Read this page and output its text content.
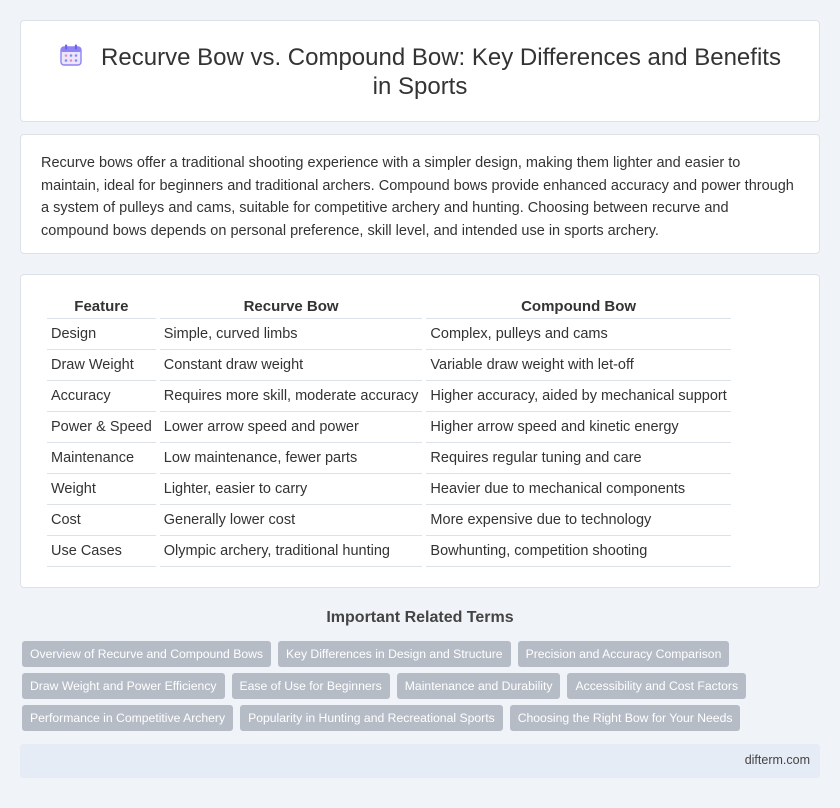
Recurve Bow vs. Compound Bow: Key Differences and Benefits in Sports

Recurve bows offer a traditional shooting experience with a simpler design, making them lighter and easier to maintain, ideal for beginners and traditional archers. Compound bows provide enhanced accuracy and power through a system of pulleys and cams, suitable for competitive archery and hunting. Choosing between recurve and compound bows depends on personal preference, skill level, and intended use in sports archery.

Feature	Recurve Bow	Compound Bow
Design	Simple, curved limbs	Complex, pulleys and cams
Draw Weight	Constant draw weight	Variable draw weight with let-off
Accuracy	Requires more skill, moderate accuracy	Higher accuracy, aided by mechanical support
Power & Speed	Lower arrow speed and power	Higher arrow speed and kinetic energy
Maintenance	Low maintenance, fewer parts	Requires regular tuning and care
Weight	Lighter, easier to carry	Heavier due to mechanical components
Cost	Generally lower cost	More expensive due to technology
Use Cases	Olympic archery, traditional hunting	Bowhunting, competition shooting
Important Related Terms
Overview of Recurve and Compound Bows	Key Differences in Design and Structure	Precision and Accuracy Comparison
Draw Weight and Power Efficiency	Ease of Use for Beginners	Maintenance and Durability	Accessibility and Cost Factors
Performance in Competitive Archery	Popularity in Hunting and Recreational Sports	Choosing the Right Bow for Your Needs
difterm.com
